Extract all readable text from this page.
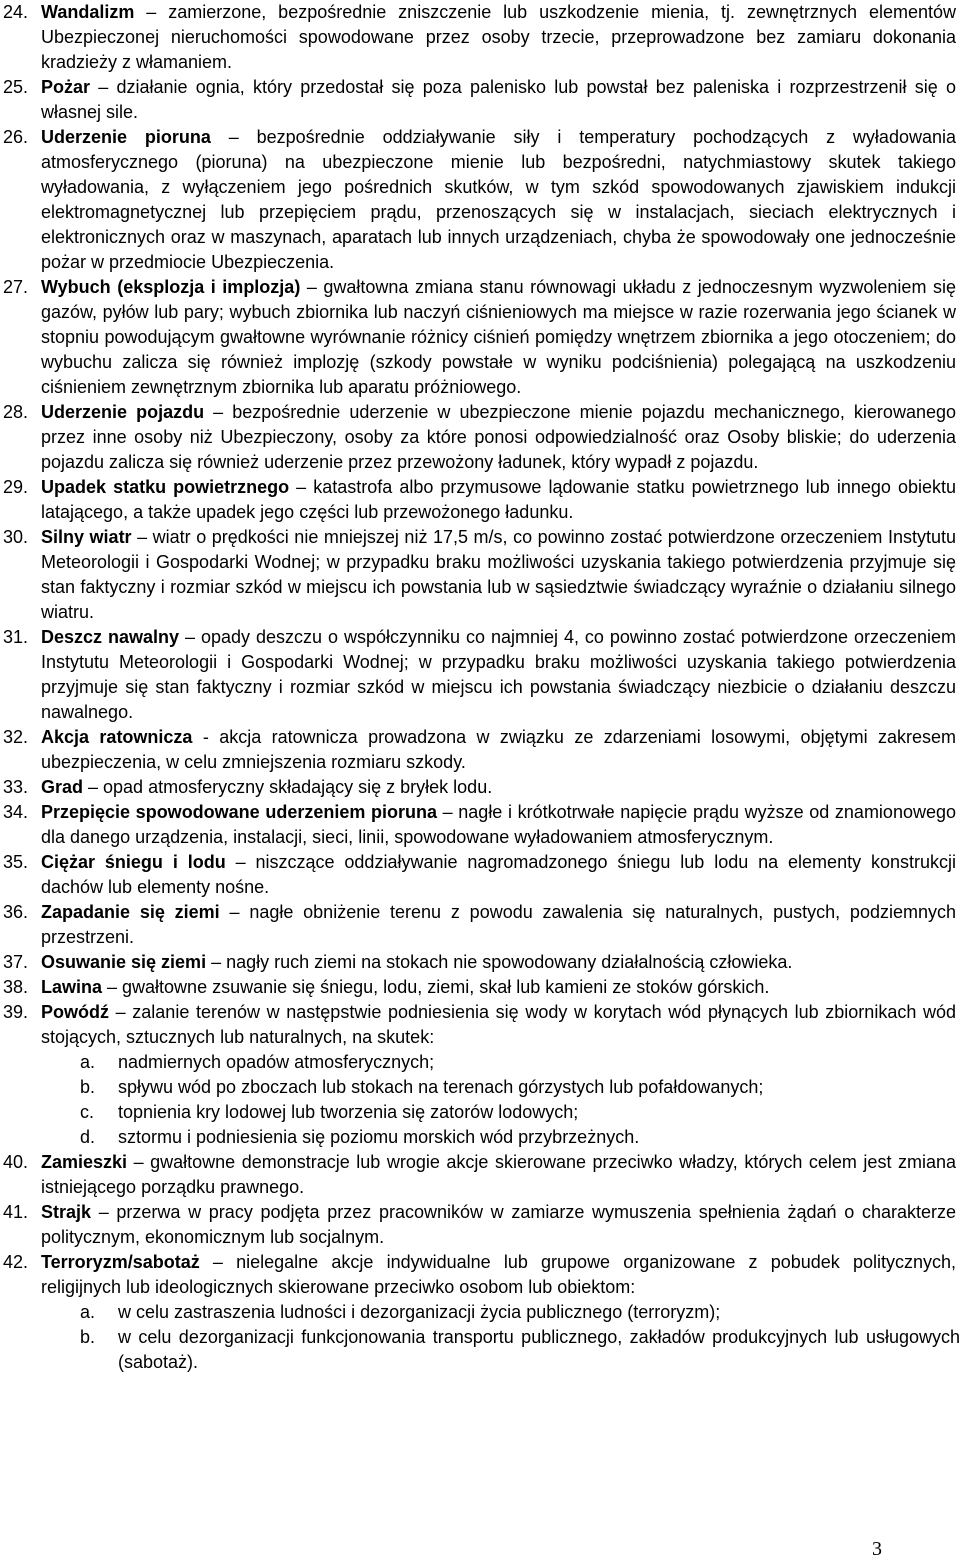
24. Wandalizm – zamierzone, bezpośrednie zniszczenie lub uszkodzenie mienia, tj. zewnętrznych elementów Ubezpieczonej nieruchomości spowodowane przez osoby trzecie, przeprowadzone bez zamiaru dokonania kradzieży z włamaniem.
25. Pożar – działanie ognia, który przedostał się poza palenisko lub powstał bez paleniska i rozprzestrzenił się o własnej sile.
26. Uderzenie pioruna – bezpośrednie oddziaływanie siły i temperatury pochodzących z wyładowania atmosferycznego (pioruna) na ubezpieczone mienie lub bezpośredni, natychmiastowy skutek takiego wyładowania, z wyłączeniem jego pośrednich skutków, w tym szkód spowodowanych zjawiskiem indukcji elektromagnetycznej lub przepięciem prądu, przenoszących się w instalacjach, sieciach elektrycznych i elektronicznych oraz w maszynach, aparatach lub innych urządzeniach, chyba że spowodowały one jednocześnie pożar w przedmiocie Ubezpieczenia.
27. Wybuch (eksplozja i implozja) – gwałtowna zmiana stanu równowagi układu z jednoczesnym wyzwoleniem się gazów, pyłów lub pary; wybuch zbiornika lub naczyń ciśnieniowych ma miejsce w razie rozerwania jego ścianek w stopniu powodującym gwałtowne wyrównanie różnicy ciśnień pomiędzy wnętrzem zbiornika a jego otoczeniem; do wybuchu zalicza się również implozję (szkody powstałe w wyniku podciśnienia) polegającą na uszkodzeniu ciśnieniem zewnętrznym zbiornika lub aparatu próżniowego.
28. Uderzenie pojazdu – bezpośrednie uderzenie w ubezpieczone mienie pojazdu mechanicznego, kierowanego przez inne osoby niż Ubezpieczony, osoby za które ponosi odpowiedzialność oraz Osoby bliskie; do uderzenia pojazdu zalicza się również uderzenie przez przewożony ładunek, który wypadł z pojazdu.
29. Upadek statku powietrznego – katastrofa albo przymusowe lądowanie statku powietrznego lub innego obiektu latającego, a także upadek jego części lub przewożonego ładunku.
30. Silny wiatr – wiatr o prędkości nie mniejszej niż 17,5 m/s, co powinno zostać potwierdzone orzeczeniem Instytutu Meteorologii i Gospodarki Wodnej; w przypadku braku możliwości uzyskania takiego potwierdzenia przyjmuje się stan faktyczny i rozmiar szkód w miejscu ich powstania lub w sąsiedztwie świadczący wyraźnie o działaniu silnego wiatru.
31. Deszcz nawalny – opady deszczu o współczynniku co najmniej 4, co powinno zostać potwierdzone orzeczeniem Instytutu Meteorologii i Gospodarki Wodnej; w przypadku braku możliwości uzyskania takiego potwierdzenia przyjmuje się stan faktyczny i rozmiar szkód w miejscu ich powstania świadczący niezbicie o działaniu deszczu nawalnego.
32. Akcja ratownicza - akcja ratownicza prowadzona w związku ze zdarzeniami losowymi, objętymi zakresem ubezpieczenia, w celu zmniejszenia rozmiaru szkody.
33. Grad – opad atmosferyczny składający się z bryłek lodu.
34. Przepięcie spowodowane uderzeniem pioruna – nagłe i krótkotrwałe napięcie prądu wyższe od znamionowego dla danego urządzenia, instalacji, sieci, linii, spowodowane wyładowaniem atmosferycznym.
35. Ciężar śniegu i lodu – niszczące oddziaływanie nagromadzonego śniegu lub lodu na elementy konstrukcji dachów lub elementy nośne.
36. Zapadanie się ziemi – nagłe obniżenie terenu z powodu zawalenia się naturalnych, pustych, podziemnych przestrzeni.
37. Osuwanie się ziemi – nagły ruch ziemi na stokach nie spowodowany działalnością człowieka.
38. Lawina – gwałtowne zsuwanie się śniegu, lodu, ziemi, skał lub kamieni ze stoków górskich.
39. Powódź – zalanie terenów w następstwie podniesienia się wody w korytach wód płynących lub zbiornikach wód stojących, sztucznych lub naturalnych, na skutek:
a. nadmiernych opadów atmosferycznych;
b. spływu wód po zboczach lub stokach na terenach górzystych lub pofałdowanych;
c. topnienia kry lodowej lub tworzenia się zatorów lodowych;
d. sztormu i podniesienia się poziomu morskich wód przybrzeżnych.
40. Zamieszki – gwałtowne demonstracje lub wrogie akcje skierowane przeciwko władzy, których celem jest zmiana istniejącego porządku prawnego.
41. Strajk – przerwa w pracy podjęta przez pracowników w zamiarze wymuszenia spełnienia żądań o charakterze politycznym, ekonomicznym lub socjalnym.
42. Terroryzm/sabotaż – nielegalne akcje indywidualne lub grupowe organizowane z pobudek politycznych, religijnych lub ideologicznych skierowane przeciwko osobom lub obiektom:
a. w celu zastraszenia ludności i dezorganizacji życia publicznego (terroryzm);
b. w celu dezorganizacji funkcjonowania transportu publicznego, zakładów produkcyjnych lub usługowych (sabotaż).
3
